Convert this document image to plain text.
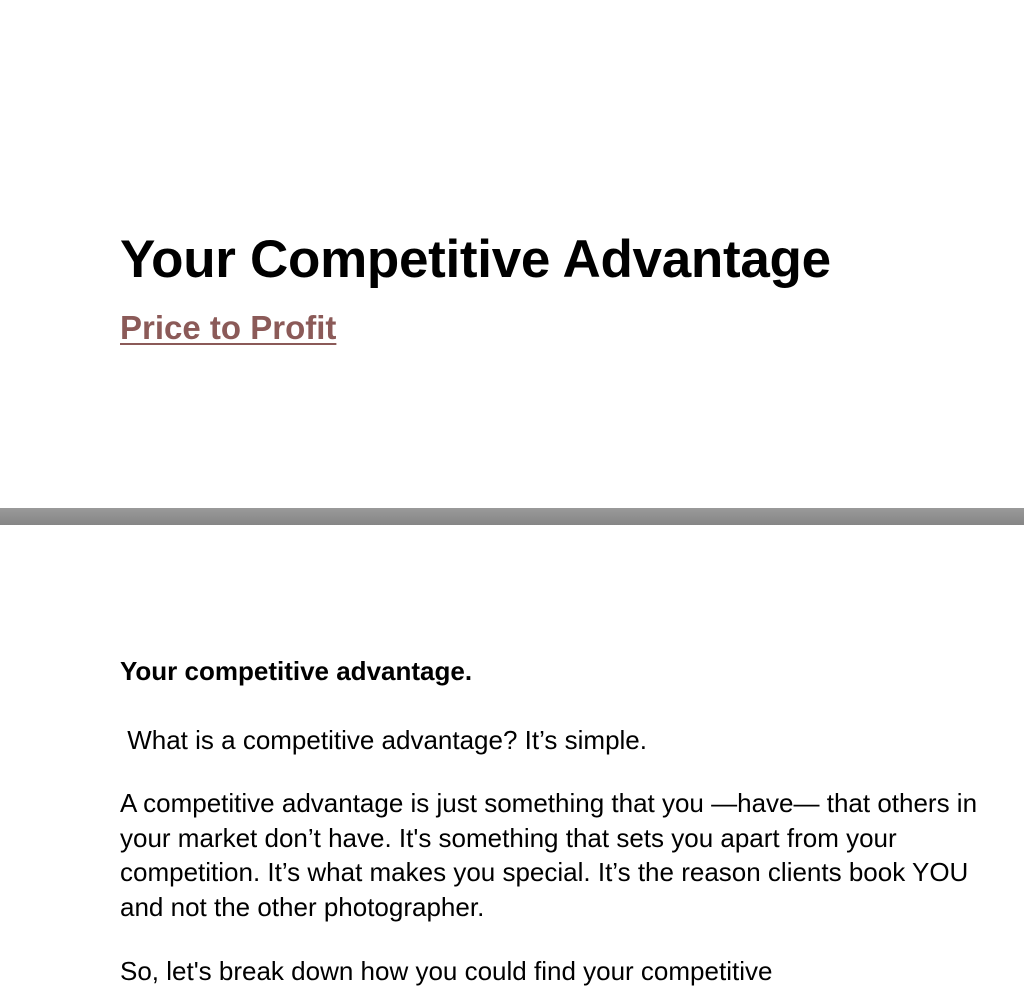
Your Competitive Advantage
Price to Profit
Your competitive advantage.

What is a competitive advantage? It’s simple.

A competitive advantage is just something that you —have— that others in your market don’t have. It's something that sets you apart from your competition. It’s what makes you special. It’s the reason clients book YOU and not the other photographer.

So, let's break down how you could find your competitive
